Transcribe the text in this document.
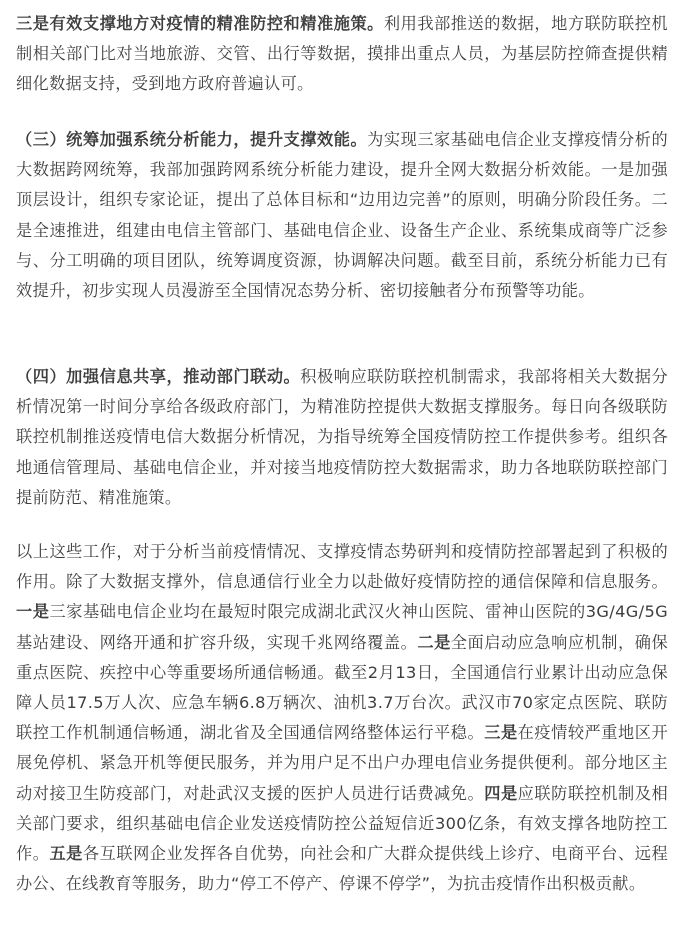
三是有效支撑地方对疫情的精准防控和精准施策。利用我部推送的数据，地方联防联控机制相关部门比对当地旅游、交管、出行等数据，摸排出重点人员，为基层防控筛查提供精细化数据支持，受到地方政府普遍认可。

（三）统筹加强系统分析能力，提升支撑效能。为实现三家基础电信企业支撑疫情分析的大数据跨网统筹，我部加强跨网系统分析能力建设，提升全网大数据分析效能。一是加强顶层设计，组织专家论证，提出了总体目标和“边用边完善”的原则，明确分阶段任务。二是全速推进，组建由电信主管部门、基础电信企业、设备生产企业、系统集成商等广泛参与、分工明确的项目团队，统筹调度资源，协调解决问题。截至目前，系统分析能力已有效提升，初步实现人员漫游至全国情况态势分析、密切接触者分布预警等功能。

（四）加强信息共享，推动部门联动。积极响应联防联控机制需求，我部将相关大数据分析情况第一时间分享给各级政府部门，为精准防控提供大数据支撑服务。每日向各级联防联控机制推送疫情电信大数据分析情况，为指导统筹全国疫情防控工作提供参考。组织各地通信管理局、基础电信企业，并对接当地疫情防控大数据需求，助力各地联防联控部门提前防范、精准施策。

以上这些工作，对于分析当前疫情情况、支撑疫情态势研判和疫情防控部署起到了积极的作用。除了大数据支撑外，信息通信行业全力以赴做好疫情防控的通信保障和信息服务。一是三家基础电信企业均在最短时限完成湖北武汉火神山医院、雷神山医院的3G/4G/5G基站建设、网络开通和扩容升级，实现千兆网络覆盖。二是全面启动应急响应机制，确保重点医院、疾控中心等重要场所通信畅通。截至2月13日，全国通信行业累计出动应急保障人员17.5万人次、应急车辆6.8万辆次、油机3.7万台次。武汉市70家定点医院、联防联控工作机制通信畅通，湖北省及全国通信网络整体运行平稳。三是在疫情较严重地区开展免停机、紧急开机等便民服务，并为用户足不出户办理电信业务提供便利。部分地区主动对接卫生防疫部门，对赴武汉支援的医护人员进行话费减免。四是应联防联控机制及相关部门要求，组织基础电信企业发送疫情防控公益短信近300亿条，有效支撑各地防控工作。五是各互联网企业发挥各自优势，向社会和广大群众提供线上诊疗、电商平台、远程办公、在线教育等服务，助力“停工不停产、停课不停学”，为抗击疫情作出积极贡献。
